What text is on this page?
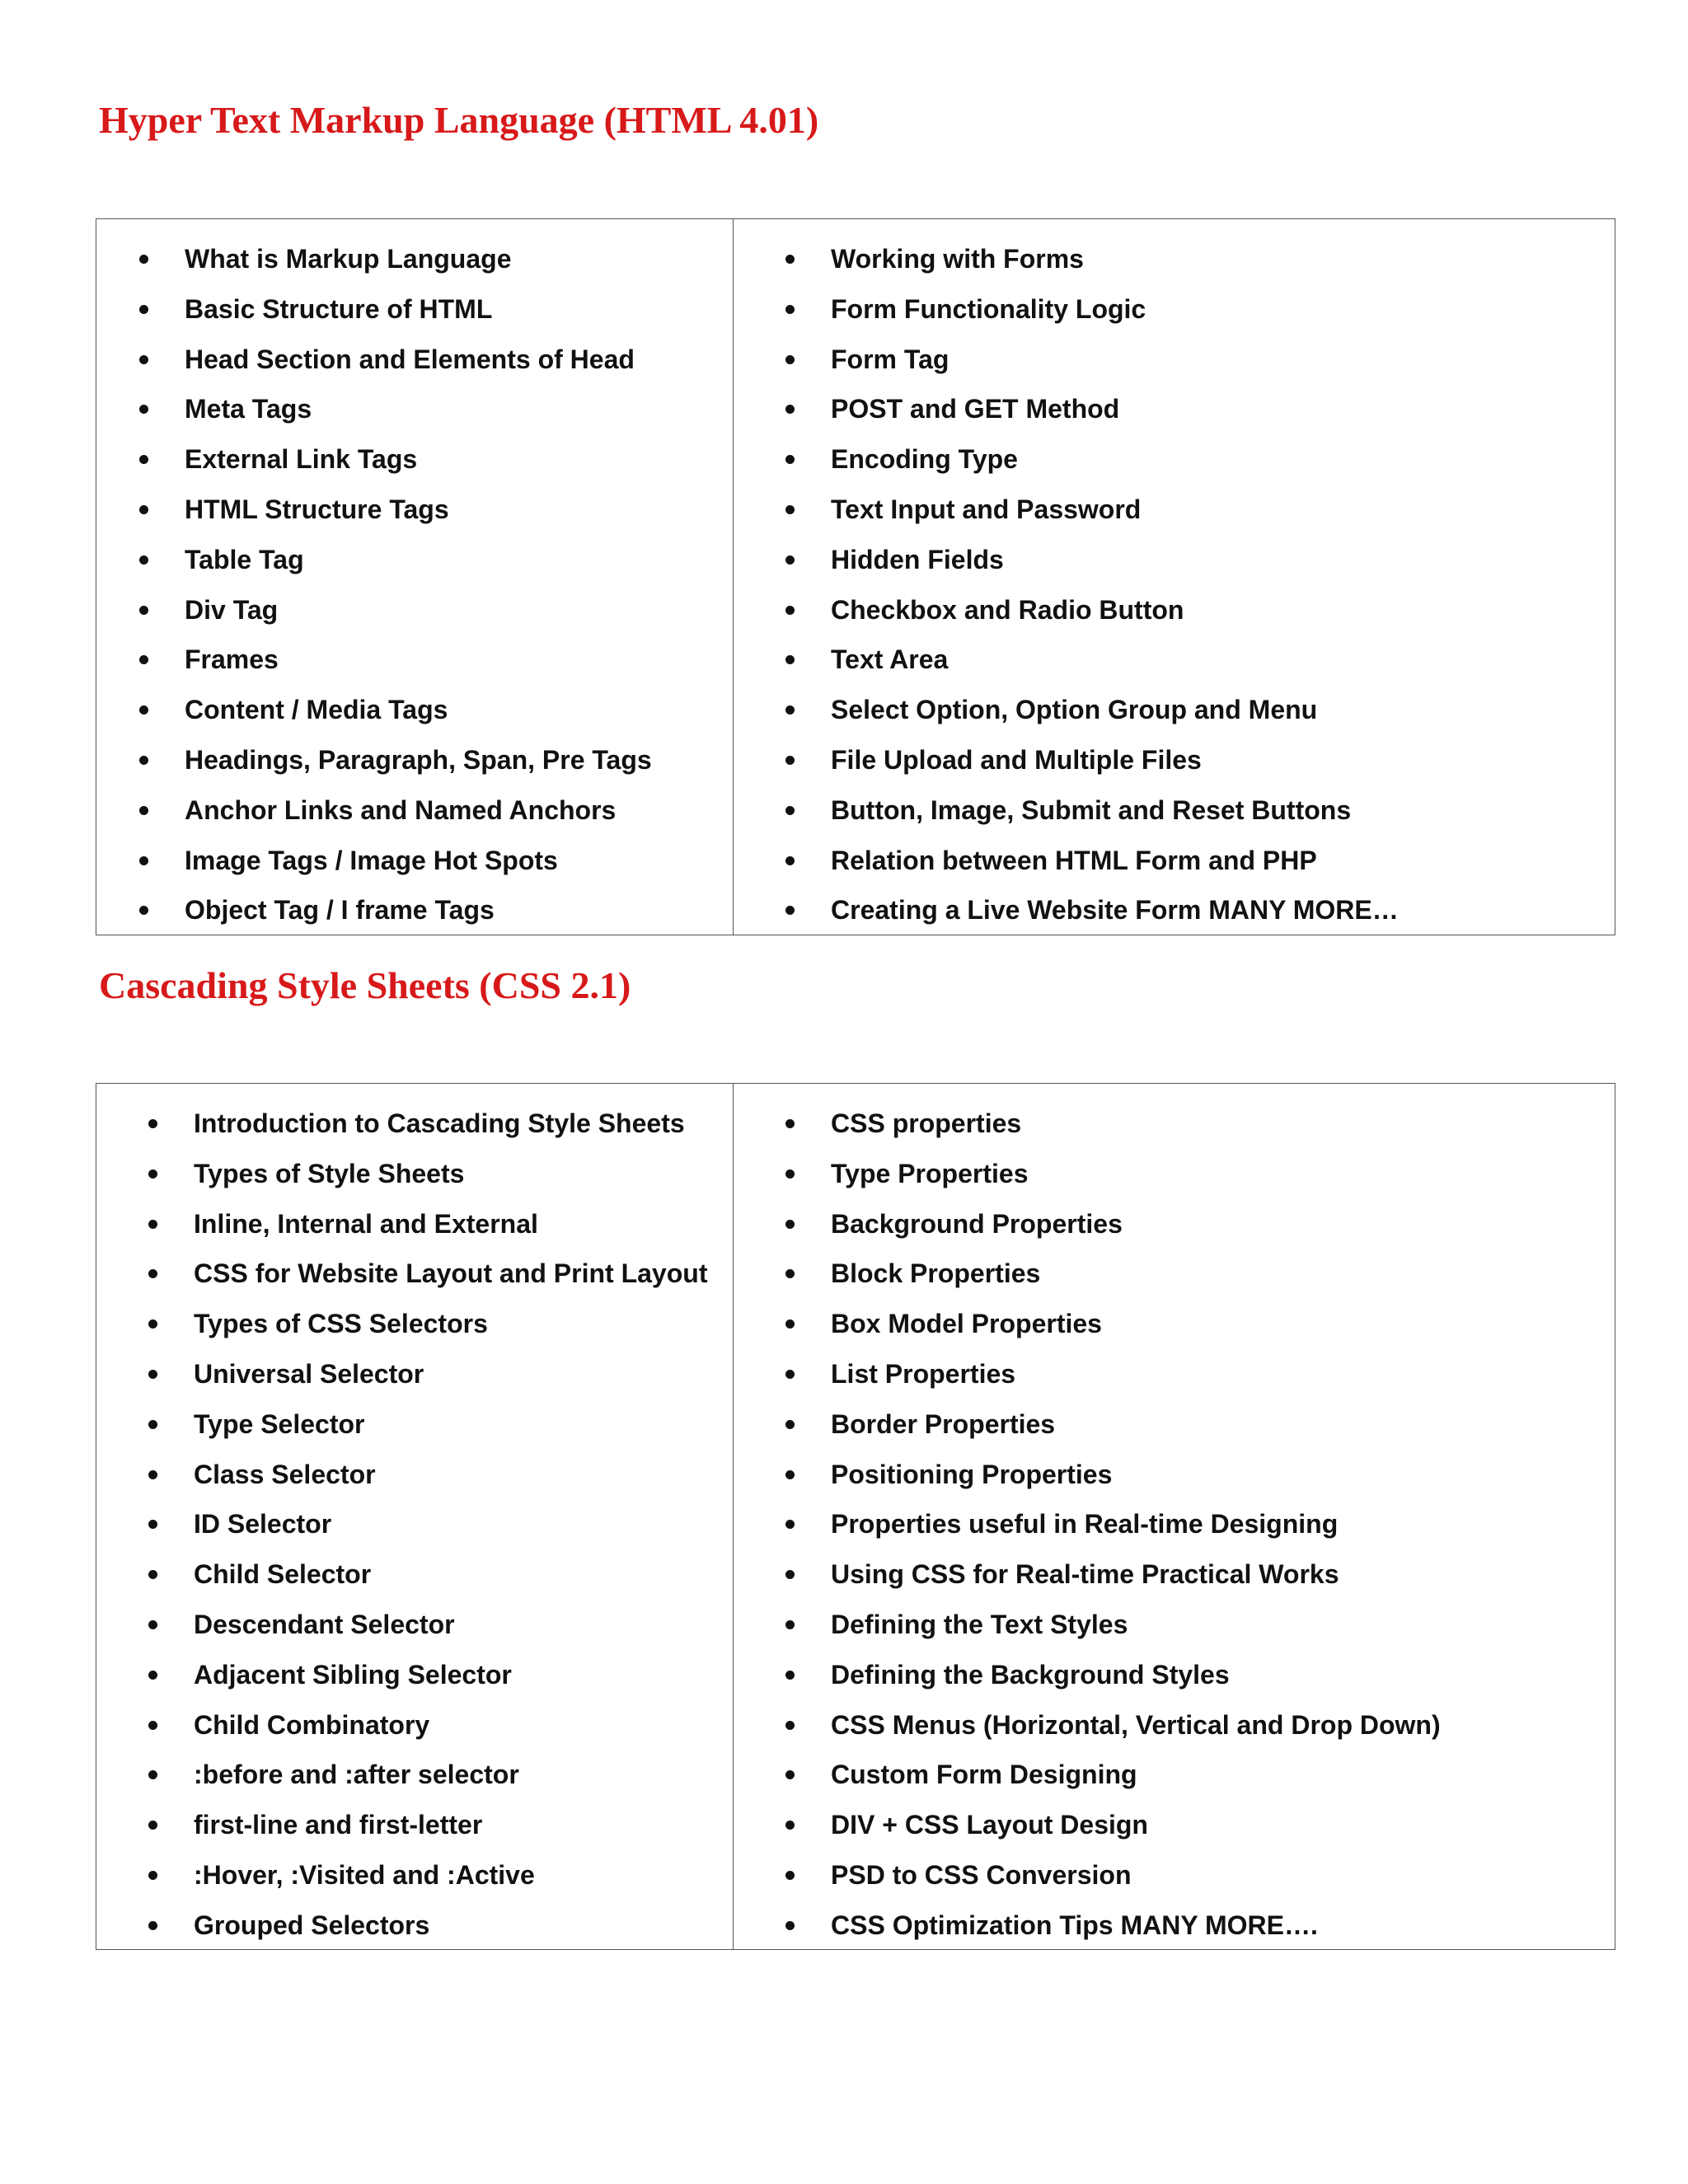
Hyper Text Markup Language (HTML 4.01)
What is Markup Language
Basic Structure of HTML
Head Section and Elements of Head
Meta Tags
External Link Tags
HTML Structure Tags
Table Tag
Div Tag
Frames
Content / Media Tags
Headings, Paragraph, Span, Pre Tags
Anchor Links and Named Anchors
Image Tags / Image Hot Spots
Object Tag / I frame Tags
Working with Forms
Form Functionality Logic
Form Tag
POST and GET Method
Encoding Type
Text Input and Password
Hidden Fields
Checkbox and Radio Button
Text Area
Select Option, Option Group and Menu
File Upload and Multiple Files
Button, Image, Submit and Reset Buttons
Relation between HTML Form and PHP
Creating a Live Website Form MANY MORE…
Cascading Style Sheets (CSS 2.1)
Introduction to Cascading Style Sheets
Types of Style Sheets
Inline, Internal and External
CSS for Website Layout and Print Layout
Types of CSS Selectors
Universal Selector
Type Selector
Class Selector
ID Selector
Child Selector
Descendant Selector
Adjacent Sibling Selector
Child Combinatory
:before and :after selector
first-line and first-letter
:Hover, :Visited and :Active
Grouped Selectors
CSS properties
Type Properties
Background Properties
Block Properties
Box Model Properties
List Properties
Border Properties
Positioning Properties
Properties useful in Real-time Designing
Using CSS for Real-time Practical Works
Defining the Text Styles
Defining the Background Styles
CSS Menus (Horizontal, Vertical and Drop Down)
Custom Form Designing
DIV + CSS Layout Design
PSD to CSS Conversion
CSS Optimization Tips MANY MORE….
